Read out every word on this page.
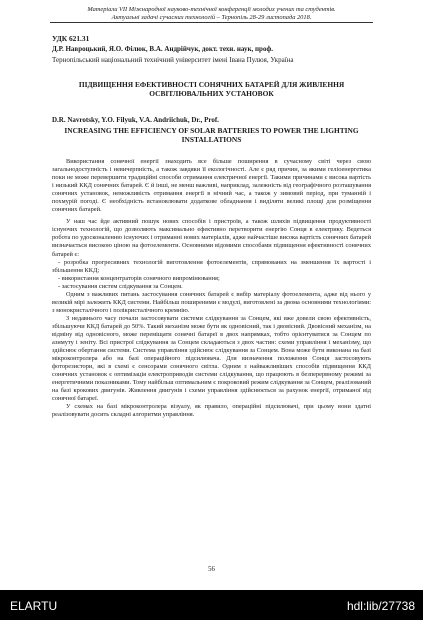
Матеріали VII Міжнародної науково-технічної конференції молодих учених та студентів.
Актуальні задачі сучасних технологій – Тернопіль 28-29 листопада 2018.
УДК 621.31
Д.Р. Навроцький, Я.О. Філюк, В.А. Андрійчук, докт. техн. наук, проф.
Тернопільський національний технічний університет імені Івана Пулюя, Україна
ПІДВИЩЕННЯ ЕФЕКТИВНОСТІ СОНЯЧНИХ БАТАРЕЙ ДЛЯ ЖИВЛЕННЯ ОСВІТЛЮВАЛЬНИХ УСТАНОВОК
D.R. Navrotsky, Y.O. Filyuk, V.A. Andriichuk, Dr., Prof.
INCREASING THE EFFICIENCY OF SOLAR BATTERIES TO POWER THE LIGHTING INSTALLATIONS

Використання сонячної енергії знаходить все більше поширення в сучасному світі через свою загальнодоступність і невичерпність, а також завдяки її екологічності. Але є ряд причин, за якими геліоенергетика поки не може перевершити традиційні способи отримання електричної енергії. Такими причинами є висока вартість і низький ККД сонячних батарей. Є й інші, не менш важливі, наприклад, залежність від географічного розташування сонячних установок, неможливість отримання енергії в нічний час, а також у зимовий період, при туманній і похмурій погоді. Є необхідність встановлювати додаткове обладнання і виділяти великі площі для розміщення сонячних батарей.

У наш час йде активний пошук нових способів і пристроїв, а також шляхів підвищення продуктивності існуючих технологій, що дозволяють максимально ефективно перетворити енергію Сонця в електрику. Ведеться робота по удосконаленню існуючих і отриманні нових матеріалів, адже найчастіше висока вартість сонячних батарей визначається високою ціною на фотоелементи. Основними відомими способами підвищення ефективності сонячних батарей є:

- розробка прогресивних технологій виготовлення фотоелементів, спрямованих на зменшення їх вартості і збільшення ККД;

- використання концентраторів сонячного випромінювання;

- застосування систем слідкування за Сонцем.

Одним з важливих питань застосування сонячних батарей є вибір матеріалу фотоелемента, адже від нього у великій мірі залежить ККД системи. Найбільш поширеними є модулі, виготовлені за двома основними технологіями: з монокристалічного і полікристалічного кремнію.

З недавнього часу почали застосовувати системи слідкування за Сонцем, які вже довели свою ефективність, збільшуючи ККД батарей до 50%. Такий механізм може бути як одновісний, так і двовісний. Двовісний механізм, на відміну від одновісного, може переміщати сонячні батареї в двох напрямках, тобто орієнтуватися за Сонцем по азимуту і зеніту. Всі пристрої слідкування за Сонцем складаються з двох частин: схеми управління і механізму, що здійснює обертання системи. Система управління здійснює слідкування за Сонцем. Вона може бути виконана на базі мікроконтролера або на базі операційного підсилювача. Для визначення положення Сонця застосовують фоторезистори, які в схемі є сенсорами сонячного світла. Одним з найважливіших способів підвищення ККД сонячних установок є оптимізація електроприводів системи слідкування, що працюють в безперервному режимі за енергетичними показниками. Тому найбільш оптимальним є покроковий режим слідкування за Сонцем, реалізований на базі крокових двигунів. Живлення двигунів і схеми управління здійснюється за рахунок енергії, отриманої від сонячної батареї.

У схемах на базі мікроконтролера візуалу, як правило, операційні підсилювачі, при цьому вони здатні реалізовувати досить складні алгоритми управління.

56
ELARTU	hdl:lib/27738
